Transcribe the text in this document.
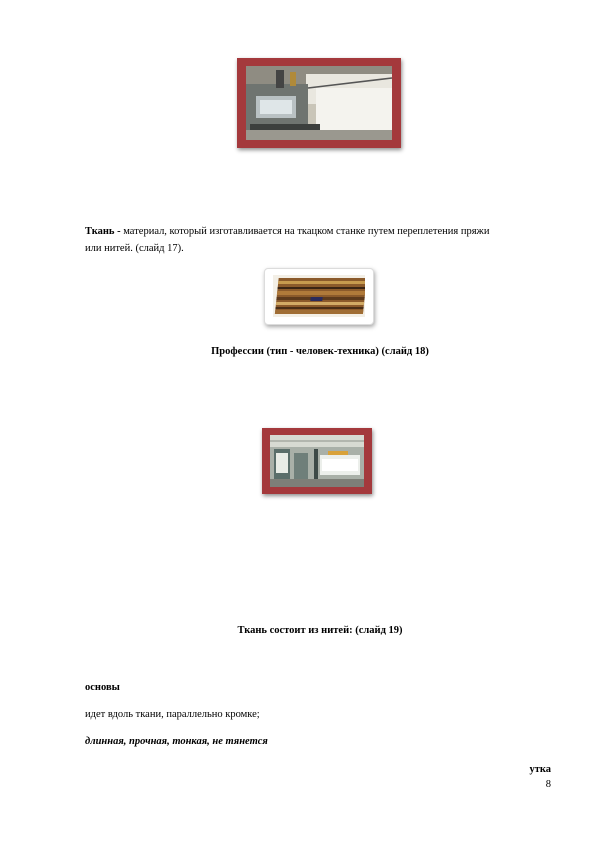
Ткань - материал, который изготавливается на ткацком станке путем переплетения пряжи
или нитей. (слайд 17).
Профессии (тип - человек-техника) (слайд 18)
Ткань состоит из нитей: (слайд 19)
основы
идет вдоль ткани, параллельно кромке;
длинная, прочная, тонкая, не тянется
утка
8
